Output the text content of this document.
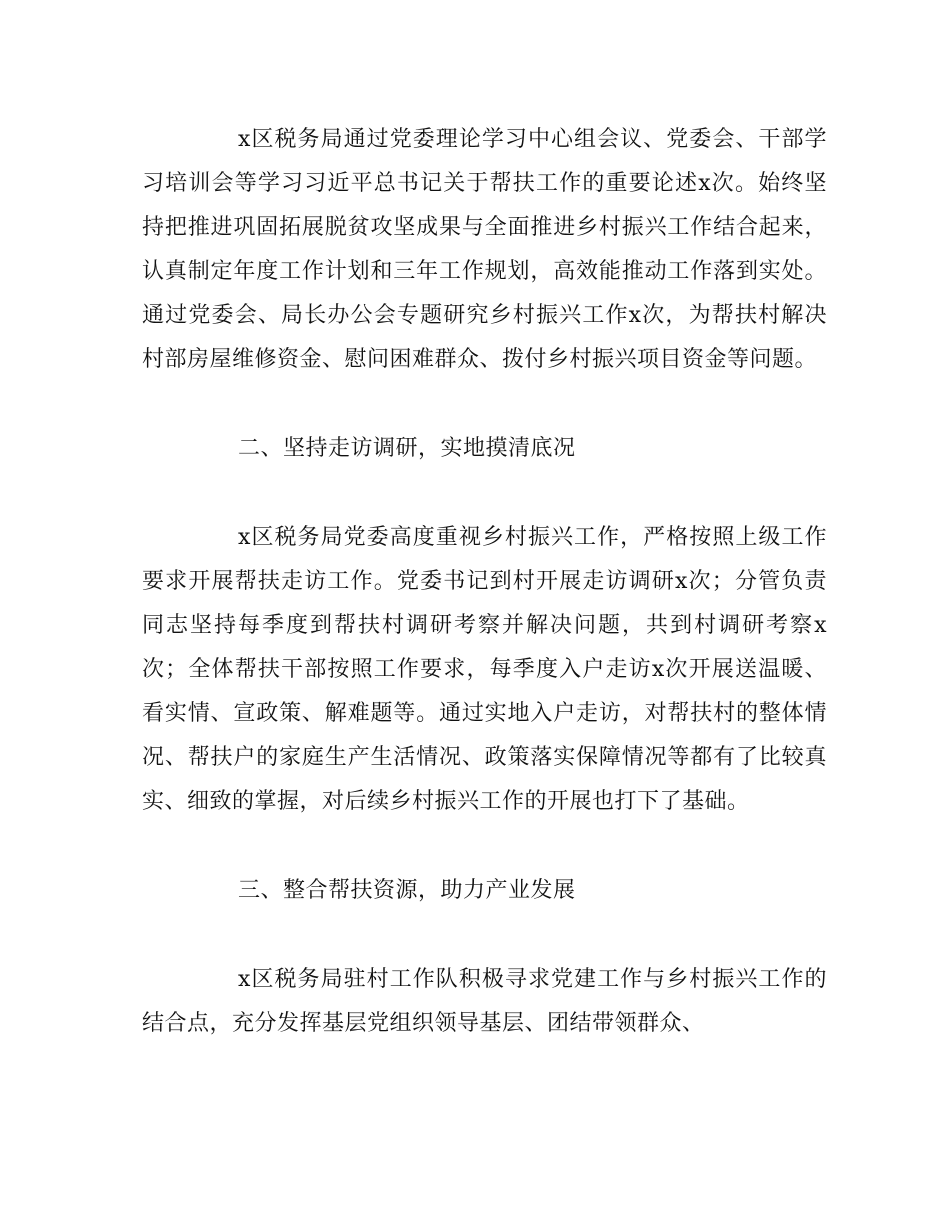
x区税务局通过党委理论学习中心组会议、党委会、干部学习培训会等学习习近平总书记关于帮扶工作的重要论述x次。始终坚持把推进巩固拓展脱贫攻坚成果与全面推进乡村振兴工作结合起来，认真制定年度工作计划和三年工作规划，高效能推动工作落到实处。通过党委会、局长办公会专题研究乡村振兴工作x次，为帮扶村解决村部房屋维修资金、慰问困难群众、拨付乡村振兴项目资金等问题。

二、坚持走访调研，实地摸清底况

x区税务局党委高度重视乡村振兴工作，严格按照上级工作要求开展帮扶走访工作。党委书记到村开展走访调研x次；分管负责同志坚持每季度到帮扶村调研考察并解决问题，共到村调研考察x次；全体帮扶干部按照工作要求，每季度入户走访x次开展送温暖、看实情、宣政策、解难题等。通过实地入户走访，对帮扶村的整体情况、帮扶户的家庭生产生活情况、政策落实保障情况等都有了比较真实、细致的掌握，对后续乡村振兴工作的开展也打下了基础。

三、整合帮扶资源，助力产业发展

x区税务局驻村工作队积极寻求党建工作与乡村振兴工作的结合点，充分发挥基层党组织领导基层、团结带领群众、
